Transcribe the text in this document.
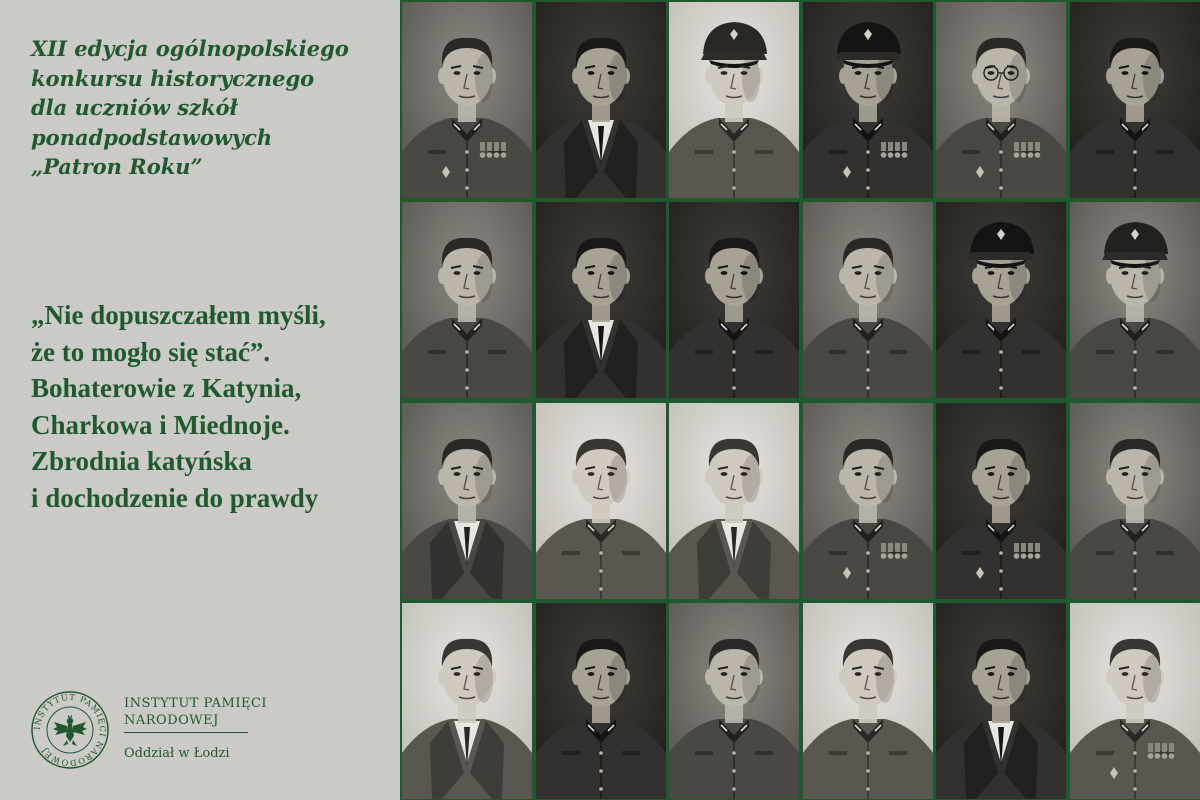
XII edycja ogólnopolskiego
konkursu historycznego
dla uczniów szkół
ponadpodstawowych
„Patron Roku”
„Nie dopuszczałem myśli,
że to mogło się stać”.
Bohaterowie z Katynia,
Charkowa i Miednoje.
Zbrodnia katyńska
i dochodzenie do prawdy
INSTYTUT PAMIĘCI NARODOWEJ
INSTYTUT PAMIĘCI
NARODOWEJ
Oddział w Łodzi
